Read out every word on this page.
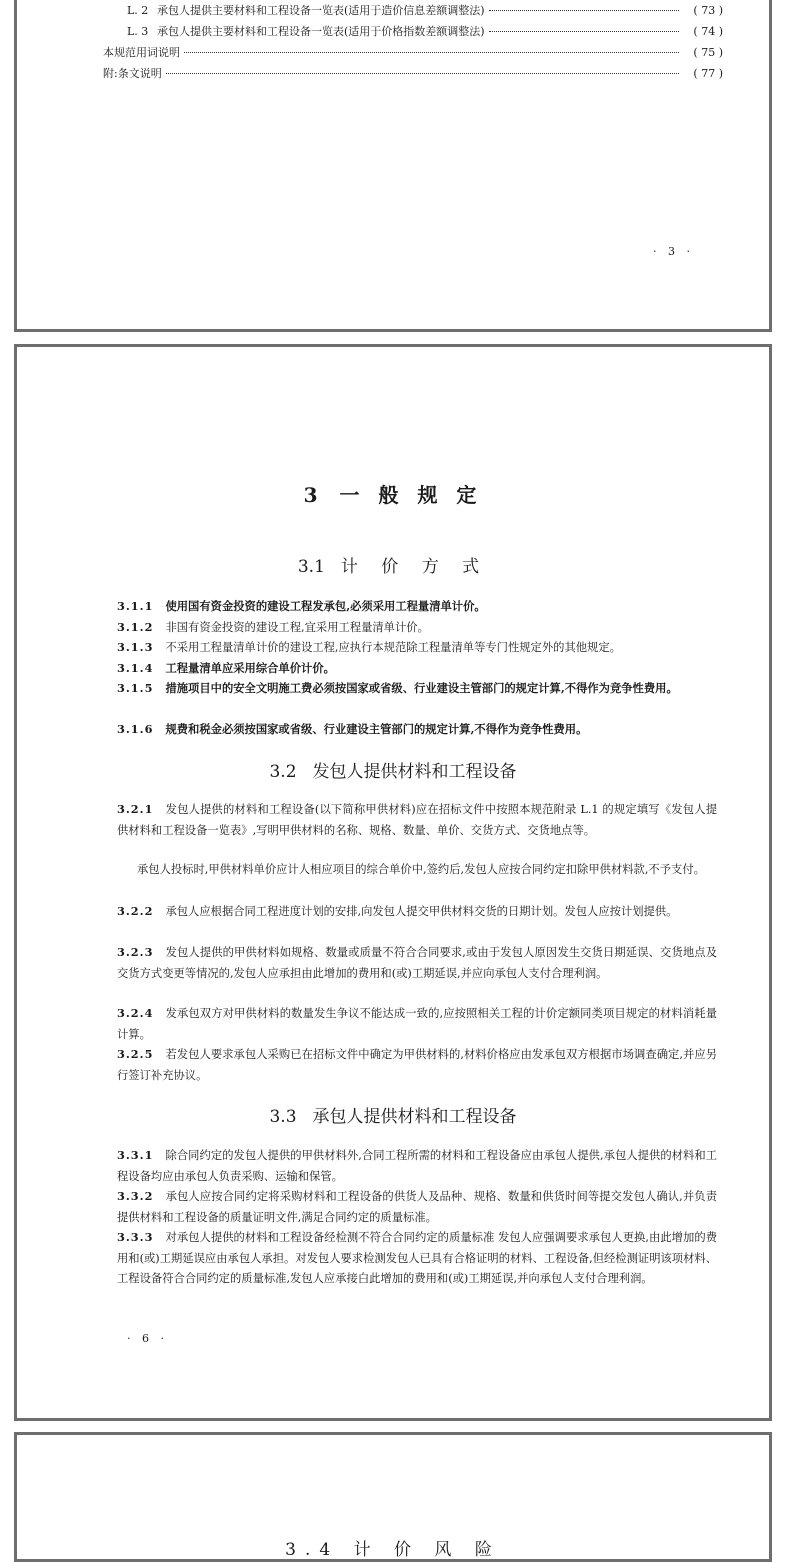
L. 2 承包人提供主要材料和工程设备一览表(适用于造价信息差额调整法)	( 73 )
L. 3 承包人提供主要材料和工程设备一览表(适用于价格指数差额调整法)	( 74 )
本规范用词说明	( 75 )
附:条文说明	( 77 )
· 3 ·
3 一 般 规 定
3.1 计 价 方 式
3.1.1 使用国有资金投资的建设工程发承包,必须采用工程量清单计价。
3.1.2 非国有资金投资的建设工程,宜采用工程量清单计价。
3.1.3 不采用工程量清单计价的建设工程,应执行本规范除工程量清单等专门性规定外的其他规定。
3.1.4 工程量清单应采用综合单价计价。
3.1.5 措施项目中的安全文明施工费必须按国家或省级、行业建设主管部门的规定计算,不得作为竞争性费用。
3.1.6 规费和税金必须按国家或省级、行业建设主管部门的规定计算,不得作为竞争性费用。
3.2 发包人提供材料和工程设备
3.2.1 发包人提供的材料和工程设备(以下简称甲供材料)应在招标文件中按照本规范附录 L.1 的规定填写《发包人提供材料和工程设备一览表》,写明甲供材料的名称、规格、数量、单价、交货方式、交货地点等。
承包人投标时,甲供材料单价应计人相应项目的综合单价中,签约后,发包人应按合同约定扣除甲供材料款,不予支付。
3.2.2 承包人应根据合同工程进度计划的安排,向发包人提交甲供材料交货的日期计划。发包人应按计划提供。
3.2.3 发包人提供的甲供材料如规格、数量或质量不符合合同要求,或由于发包人原因发生交货日期延误、交货地点及交货方式变更等情况的,发包人应承担由此增加的费用和(或)工期延误,并应向承包人支付合理利润。
3.2.4 发承包双方对甲供材料的数量发生争议不能达成一致的,应按照相关工程的计价定额同类项目规定的材料消耗量计算。
3.2.5 若发包人要求承包人采购已在招标文件中确定为甲供材料的,材料价格应由发承包双方根据市场调查确定,并应另行签订补充协议。
3.3 承包人提供材料和工程设备
3.3.1 除合同约定的发包人提供的甲供材料外,合同工程所需的材料和工程设备应由承包人提供,承包人提供的材料和工程设备均应由承包人负责采购、运输和保管。
3.3.2 承包人应按合同约定将采购材料和工程设备的供货人及品种、规格、数量和供货时间等提交发包人确认,并负责提供材料和工程设备的质量证明文件,满足合同约定的质量标准。
3.3.3 对承包人提供的材料和工程设备经检测不符合合同约定的质量标准 发包人应强调要求承包人更换,由此增加的费用和(或)工期延误应由承包人承担。对发包人要求检测发包人已具有合格证明的材料、工程设备,但经检测证明该项材料、工程设备符合合同约定的质量标准,发包人应承接白此增加的费用和(或)工期延误,并向承包人支付合理利润。
· 6 ·
3.4 计 价 风 险
